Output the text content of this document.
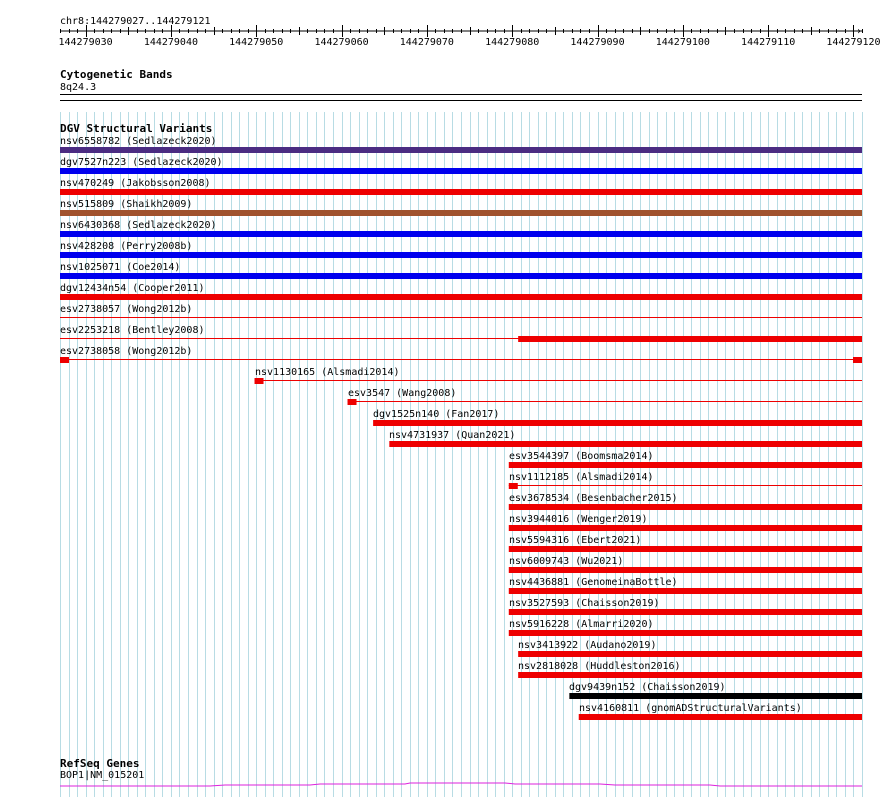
chr8:144279027..144279121
›
144279030	144279040	144279050	144279060	144279070	144279080	144279090	144279100	144279110	144279120
Cytogenetic Bands
8q24.3
DGV Structural Variants
nsv6558782 (Sedlazeck2020)
dgv7527n223 (Sedlazeck2020)
nsv470249 (Jakobsson2008)
nsv515809 (Shaikh2009)
nsv6430368 (Sedlazeck2020)
nsv428208 (Perry2008b)
nsv1025071 (Coe2014)
dgv12434n54 (Cooper2011)
esv2738057 (Wong2012b)
esv2253218 (Bentley2008)
esv2738058 (Wong2012b)
nsv1130165 (Alsmadi2014)
esv3547 (Wang2008)
dgv1525n140 (Fan2017)
nsv4731937 (Quan2021)
esv3544397 (Boomsma2014)
nsv1112185 (Alsmadi2014)
esv3678534 (Besenbacher2015)
nsv3944016 (Wenger2019)
nsv5594316 (Ebert2021)
nsv6009743 (Wu2021)
nsv4436881 (GenomeinaBottle)
nsv3527593 (Chaisson2019)
nsv5916228 (Almarri2020)
nsv3413922 (Audano2019)
nsv2818028 (Huddleston2016)
dgv9439n152 (Chaisson2019)
nsv4160811 (gnomADStructuralVariants)
RefSeq Genes
BOP1|NM_015201
